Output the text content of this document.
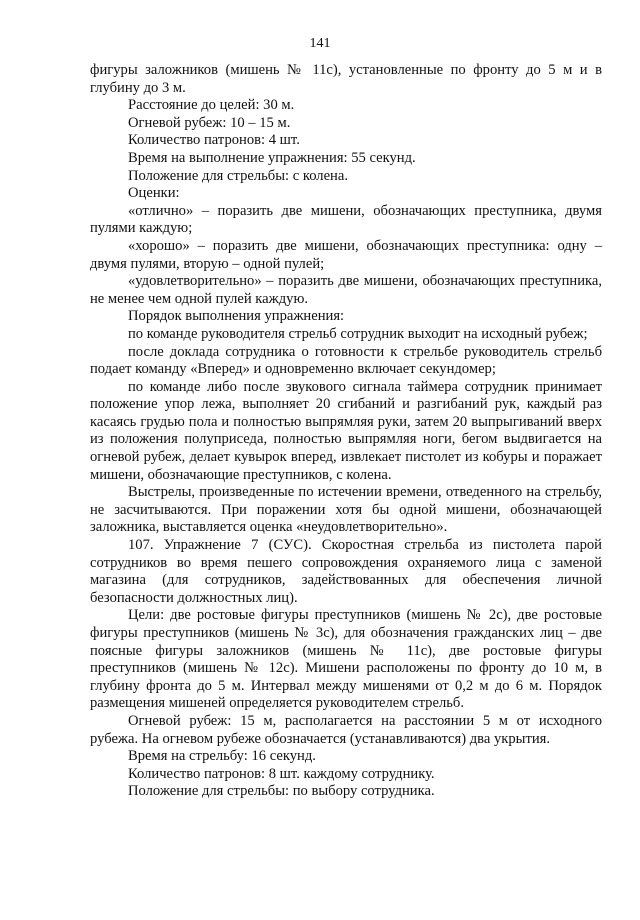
141

фигуры заложников (мишень № 11с), установленные по фронту до 5 м и в глубину до 3 м.

Расстояние до целей: 30 м.

Огневой рубеж: 10 – 15 м.

Количество патронов: 4 шт.

Время на выполнение упражнения: 55 секунд.

Положение для стрельбы: с колена.

Оценки:

«отлично» – поразить две мишени, обозначающих преступника, двумя пулями каждую;

«хорошо» – поразить две мишени, обозначающих преступника: одну – двумя пулями, вторую – одной пулей;

«удовлетворительно» – поразить две мишени, обозначающих преступника, не менее чем одной пулей каждую.

Порядок выполнения упражнения:

по команде руководителя стрельб сотрудник выходит на исходный рубеж;

после доклада сотрудника о готовности к стрельбе руководитель стрельб подает команду «Вперед» и одновременно включает секундомер;

по команде либо после звукового сигнала таймера сотрудник принимает положение упор лежа, выполняет 20 сгибаний и разгибаний рук, каждый раз касаясь грудью пола и полностью выпрямляя руки, затем 20 выпрыгиваний вверх из положения полуприседа, полностью выпрямляя ноги, бегом выдвигается на огневой рубеж, делает кувырок вперед, извлекает пистолет из кобуры и поражает мишени, обозначающие преступников, с колена.

Выстрелы, произведенные по истечении времени, отведенного на стрельбу, не засчитываются. При поражении хотя бы одной мишени, обозначающей заложника, выставляется оценка «неудовлетворительно».

107. Упражнение 7 (СУС). Скоростная стрельба из пистолета парой сотрудников во время пешего сопровождения охраняемого лица с заменой магазина (для сотрудников, задействованных для обеспечения личной безопасности должностных лиц).

Цели: две ростовые фигуры преступников (мишень № 2с), две ростовые фигуры преступников (мишень № 3с), для обозначения гражданских лиц – две поясные фигуры заложников (мишень № 11с), две ростовые фигуры преступников (мишень № 12с). Мишени расположены по фронту до 10 м, в глубину фронта до 5 м. Интервал между мишенями от 0,2 м до 6 м. Порядок размещения мишеней определяется руководителем стрельб.

Огневой рубеж: 15 м, располагается на расстоянии 5 м от исходного рубежа. На огневом рубеже обозначается (устанавливаются) два укрытия.

Время на стрельбу: 16 секунд.

Количество патронов: 8 шт. каждому сотруднику.

Положение для стрельбы: по выбору сотрудника.
